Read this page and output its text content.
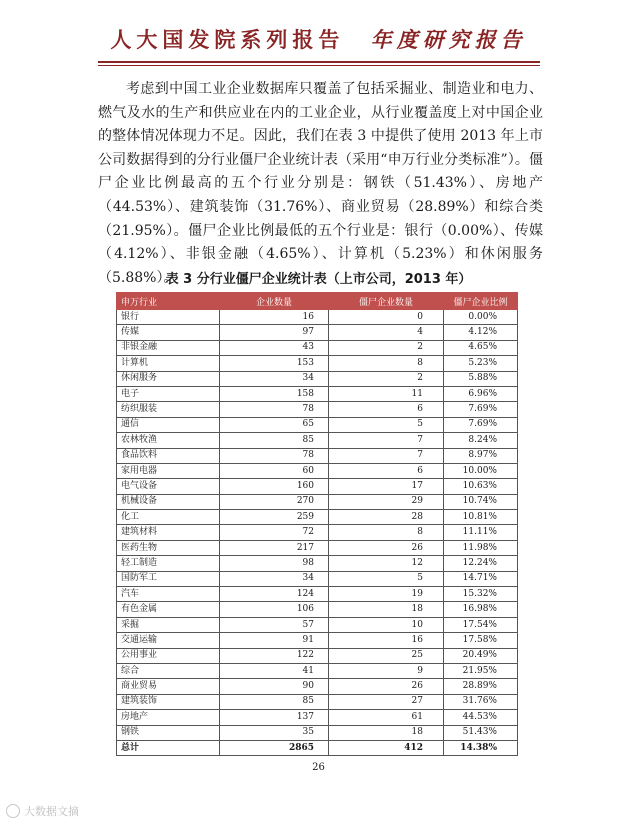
人大国发院系列报告 年度研究报告

考虑到中国工业企业数据库只覆盖了包括采掘业、制造业和电力、燃气及水的生产和供应业在内的工业企业，从行业覆盖度上对中国企业的整体情况体现力不足。因此，我们在表 3 中提供了使用 2013 年上市公司数据得到的分行业僵尸企业统计表（采用“申万行业分类标准”）。僵尸企业比例最高的五个行业分别是：钢铁（51.43%）、房地产（44.53%）、建筑装饰（31.76%）、商业贸易（28.89%）和综合类（21.95%）。僵尸企业比例最低的五个行业是：银行（0.00%）、传媒（4.12%）、非银金融（4.65%）、计算机（5.23%）和休闲服务（5.88%）。

表 3 分行业僵尸企业统计表（上市公司，2013 年）
申万行业	企业数量	僵尸企业数量	僵尸企业比例
银行	16	0	0.00%
传媒	97	4	4.12%
非银金融	43	2	4.65%
计算机	153	8	5.23%
休闲服务	34	2	5.88%
电子	158	11	6.96%
纺织服装	78	6	7.69%
通信	65	5	7.69%
农林牧渔	85	7	8.24%
食品饮料	78	7	8.97%
家用电器	60	6	10.00%
电气设备	160	17	10.63%
机械设备	270	29	10.74%
化工	259	28	10.81%
建筑材料	72	8	11.11%
医药生物	217	26	11.98%
轻工制造	98	12	12.24%
国防军工	34	5	14.71%
汽车	124	19	15.32%
有色金属	106	18	16.98%
采掘	57	10	17.54%
交通运输	91	16	17.58%
公用事业	122	25	20.49%
综合	41	9	21.95%
商业贸易	90	26	28.89%
建筑装饰	85	27	31.76%
房地产	137	61	44.53%
钢铁	35	18	51.43%
总计	2865	412	14.38%
26
大数据文摘
